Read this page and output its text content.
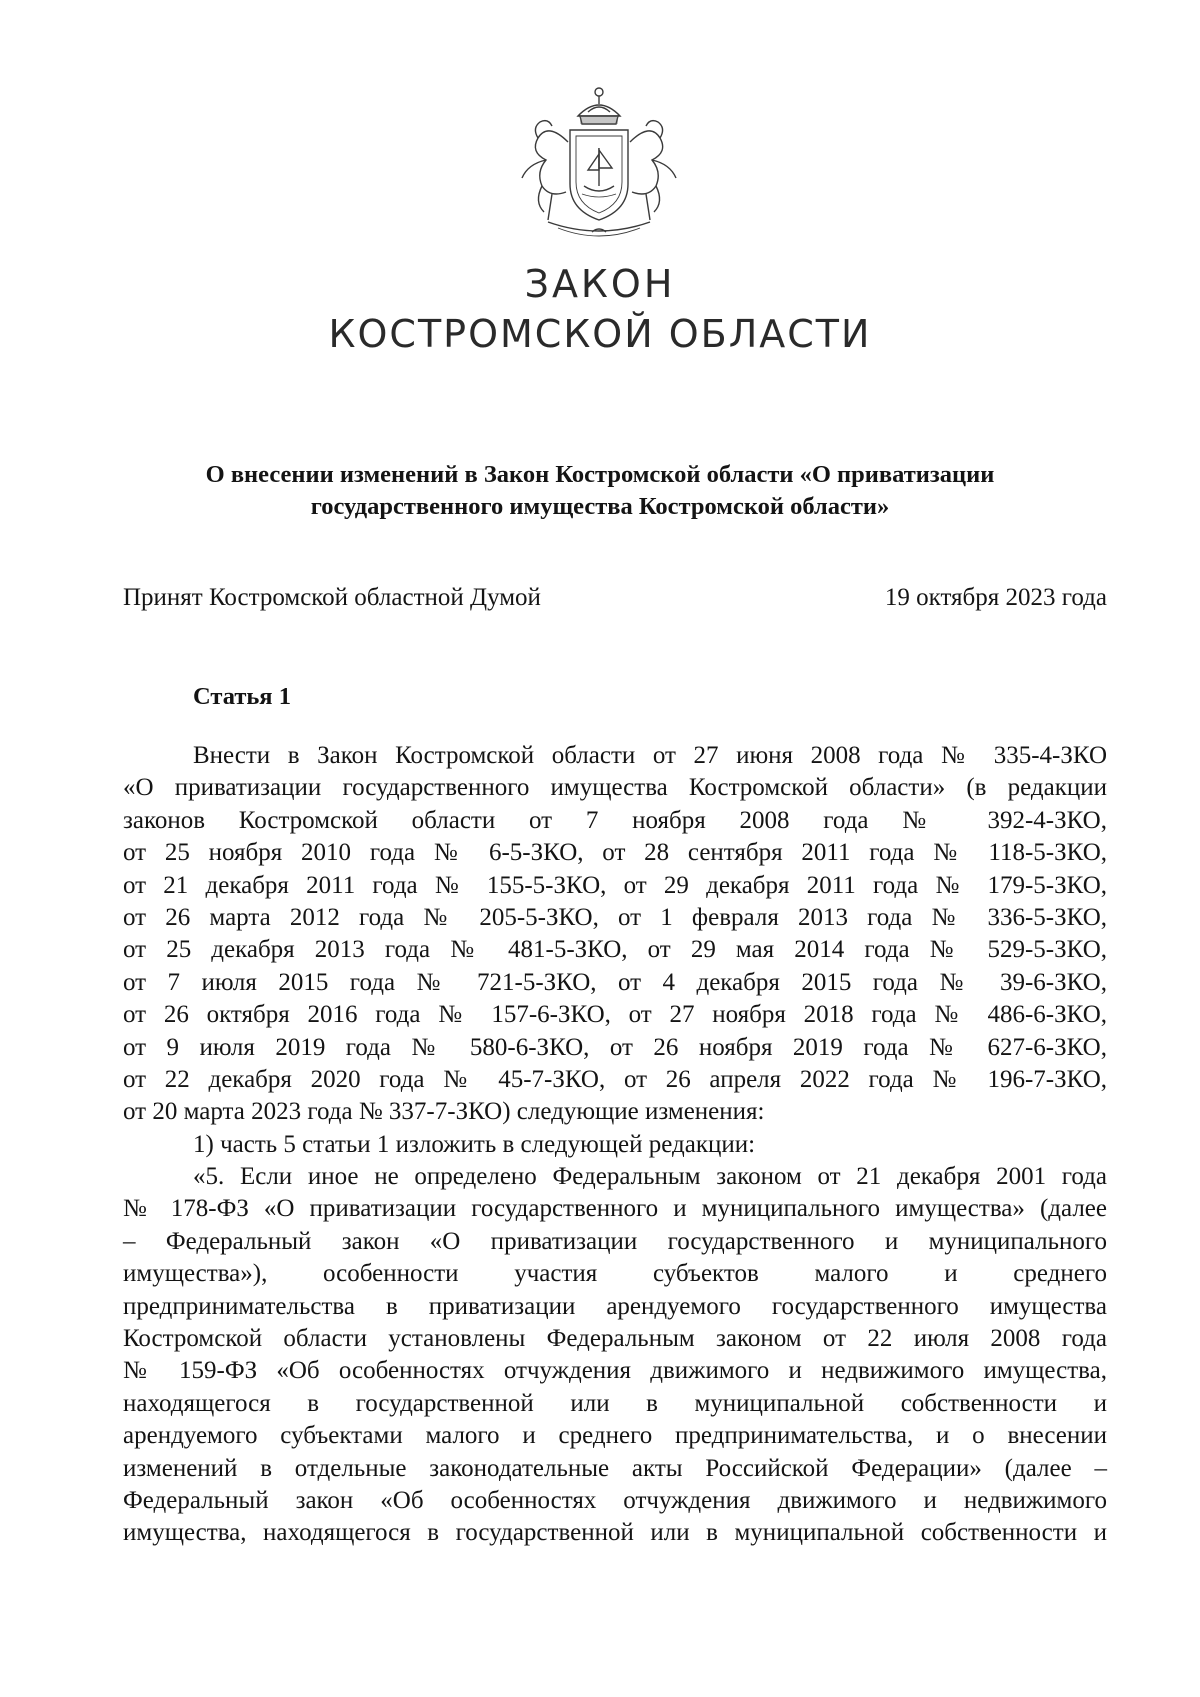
ЗАКОН
КОСТРОМСКОЙ ОБЛАСТИ
О внесении изменений в Закон Костромской области «О приватизации
государственного имущества Костромской области»
Принят Костромской областной Думой	19 октября 2023 года
Статья 1
Внести в Закон Костромской области от 27 июня 2008 года № 335-4-ЗКО
«О приватизации государственного имущества Костромской области» (в редакции
законов Костромской области от 7 ноября 2008 года № 392-4-ЗКО,
от 25 ноября 2010 года № 6-5-ЗКО, от 28 сентября 2011 года № 118-5-ЗКО,
от 21 декабря 2011 года № 155-5-ЗКО, от 29 декабря 2011 года № 179-5-ЗКО,
от 26 марта 2012 года № 205-5-ЗКО, от 1 февраля 2013 года № 336-5-ЗКО,
от 25 декабря 2013 года № 481-5-ЗКО, от 29 мая 2014 года № 529-5-ЗКО,
от 7 июля 2015 года № 721-5-ЗКО, от 4 декабря 2015 года № 39-6-ЗКО,
от 26 октября 2016 года № 157-6-ЗКО, от 27 ноября 2018 года № 486-6-ЗКО,
от 9 июля 2019 года № 580-6-ЗКО, от 26 ноября 2019 года № 627-6-ЗКО,
от 22 декабря 2020 года № 45-7-ЗКО, от 26 апреля 2022 года № 196-7-ЗКО,
от 20 марта 2023 года № 337-7-ЗКО) следующие изменения:
1) часть 5 статьи 1 изложить в следующей редакции:
«5. Если иное не определено Федеральным законом от 21 декабря 2001 года
№ 178-ФЗ «О приватизации государственного и муниципального имущества» (далее
– Федеральный закон «О приватизации государственного и муниципального
имущества»), особенности участия субъектов малого и среднего
предпринимательства в приватизации арендуемого государственного имущества
Костромской области установлены Федеральным законом от 22 июля 2008 года
№ 159-ФЗ «Об особенностях отчуждения движимого и недвижимого имущества,
находящегося в государственной или в муниципальной собственности и
арендуемого субъектами малого и среднего предпринимательства, и о внесении
изменений в отдельные законодательные акты Российской Федерации» (далее –
Федеральный закон «Об особенностях отчуждения движимого и недвижимого
имущества, находящегося в государственной или в муниципальной собственности и
